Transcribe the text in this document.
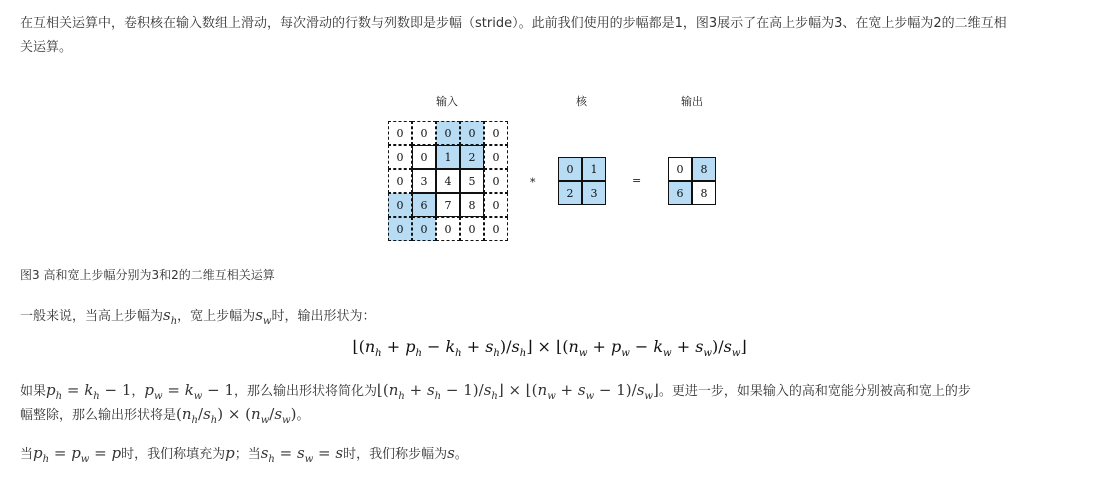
在互相关运算中，卷积核在输入数组上滑动，每次滑动的行数与列数即是步幅（stride）。此前我们使用的步幅都是1，图3展示了在高上步幅为3、在宽上步幅为2的二维互相
关运算。
输入	核	输出
0	0	0	0	0
0	0	1	2	0
0	3	4	5	0
0	6	7	8	0
0	0	0	0	0
*
0	1
2	3
=
0	8
6	8
图3 高和宽上步幅分别为3和2的二维互相关运算
一般来说，当高上步幅为$s_h$，宽上步幅为$s_w$时，输出形状为：
$⌊(n_h + p_h - k_h$ + $s_h)/s_h⌋$ × $⌊(n_w + p_w - k_w$ + $s_w)/s_w⌋$
如果$p_h = k_h - 1$，$p_w = k_w - 1$，那么输出形状将简化为$⌊(n_h + s_h$ − $1)/s_h⌋$ × $⌊(n_w + s_w$ − $1)/s_w⌋$。更进一步，如果输入的高和宽能分别被高和宽上的步
幅整除，那么输出形状将是$(n_h/s_h) \times (n_w/s_w)$。
当$p_h = p_w = p$时，我们称填充为p；当$s_h = s_w = s$时，我们称步幅为s。
